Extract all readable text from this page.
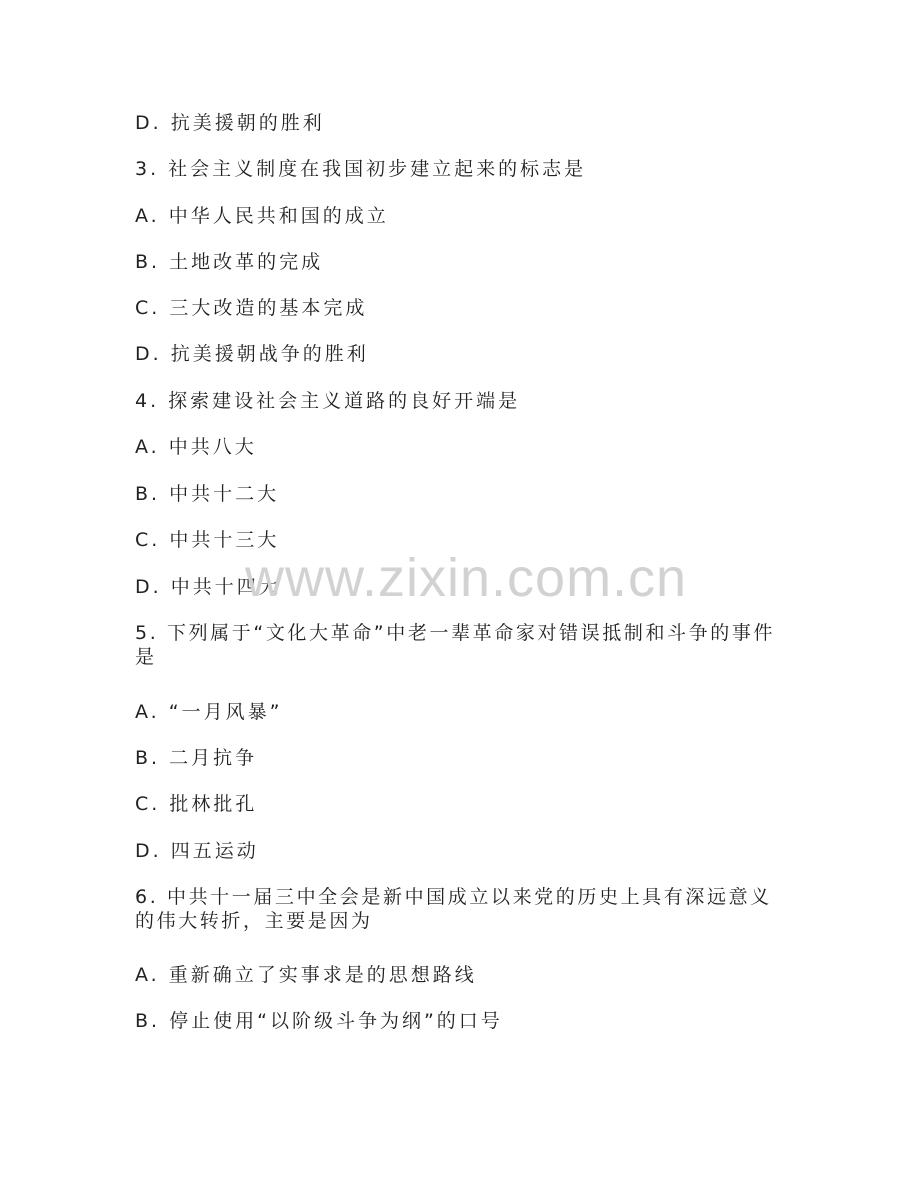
D. 抗美援朝的胜利
3. 社会主义制度在我国初步建立起来的标志是
A. 中华人民共和国的成立
B. 土地改革的完成
C. 三大改造的基本完成
D. 抗美援朝战争的胜利
4. 探索建设社会主义道路的良好开端是
A. 中共八大
B. 中共十二大
C. 中共十三大
D. 中共十四大
5. 下列属于“文化大革命”中老一辈革命家对错误抵制和斗争的事件是
A. “一月风暴”
B. 二月抗争
C. 批林批孔
D. 四五运动
6. 中共十一届三中全会是新中国成立以来党的历史上具有深远意义的伟大转折，主要是因为
A. 重新确立了实事求是的思想路线
B. 停止使用“以阶级斗争为纲”的口号
www.zixin.com.cn
